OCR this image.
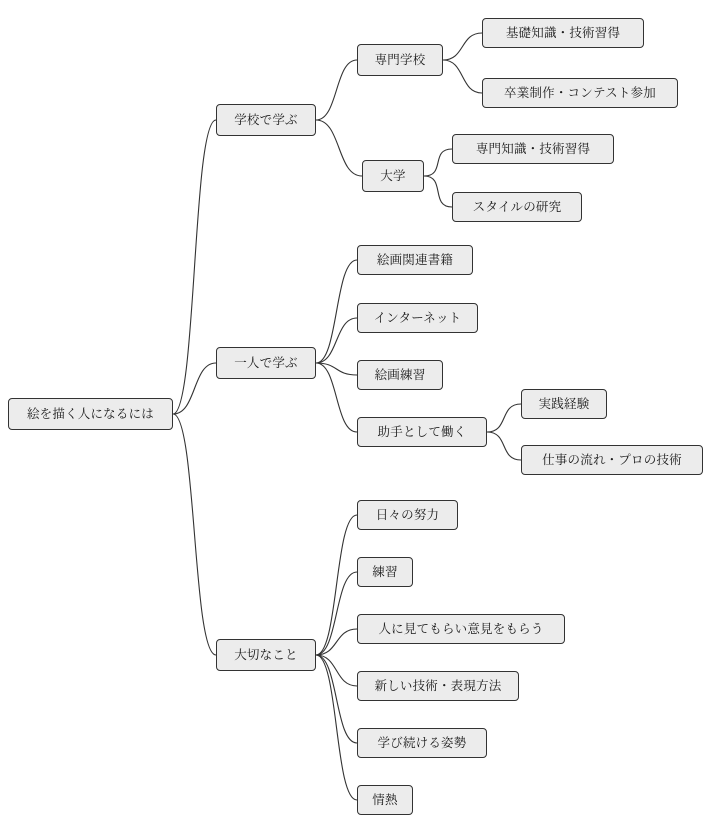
絵を描く人になるには
学校で学ぶ
専門学校
基礎知識・技術習得
卒業制作・コンテスト参加
大学
専門知識・技術習得
スタイルの研究
一人で学ぶ
絵画関連書籍
インターネット
絵画練習
助手として働く
実践経験
仕事の流れ・プロの技術
大切なこと
日々の努力
練習
人に見てもらい意見をもらう
新しい技術・表現方法
学び続ける姿勢
情熱
